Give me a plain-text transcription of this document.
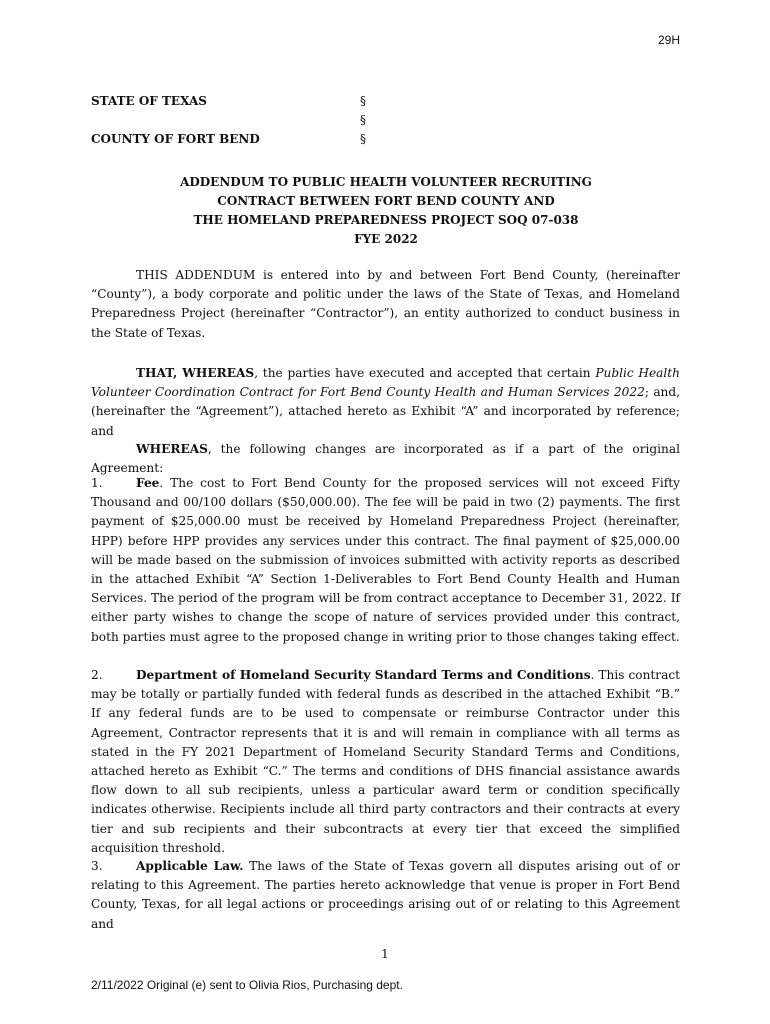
29H
STATE OF TEXAS	§
§
COUNTY OF FORT BEND	§
ADDENDUM TO PUBLIC HEALTH VOLUNTEER RECRUITING
CONTRACT BETWEEN FORT BEND COUNTY AND
THE HOMELAND PREPAREDNESS PROJECT SOQ 07-038
FYE 2022

THIS ADDENDUM is entered into by and between Fort Bend County, (hereinafter “County”), a body corporate and politic under the laws of the State of Texas, and Homeland Preparedness Project (hereinafter “Contractor”), an entity authorized to conduct business in the State of Texas.

THAT, WHEREAS, the parties have executed and accepted that certain Public Health Volunteer Coordination Contract for Fort Bend County Health and Human Services 2022; and, (hereinafter the “Agreement”), attached hereto as Exhibit “A” and incorporated by reference; and

WHEREAS, the following changes are incorporated as if a part of the original Agreement:

1.	Fee. The cost to Fort Bend County for the proposed services will not exceed Fifty Thousand and 00/100 dollars ($50,000.00). The fee will be paid in two (2) payments. The first payment of $25,000.00 must be received by Homeland Preparedness Project (hereinafter, HPP) before HPP provides any services under this contract. The final payment of $25,000.00 will be made based on the submission of invoices submitted with activity reports as described in the attached Exhibit “A” Section 1-Deliverables to Fort Bend County Health and Human Services. The period of the program will be from contract acceptance to December 31, 2022. If either party wishes to change the scope of nature of services provided under this contract, both parties must agree to the proposed change in writing prior to those changes taking effect.

2.	Department of Homeland Security Standard Terms and Conditions. This contract may be totally or partially funded with federal funds as described in the attached Exhibit “B.” If any federal funds are to be used to compensate or reimburse Contractor under this Agreement, Contractor represents that it is and will remain in compliance with all terms as stated in the FY 2021 Department of Homeland Security Standard Terms and Conditions, attached hereto as Exhibit “C.” The terms and conditions of DHS financial assistance awards flow down to all sub recipients, unless a particular award term or condition specifically indicates otherwise. Recipients include all third party contractors and their contracts at every tier and sub recipients and their subcontracts at every tier that exceed the simplified acquisition threshold.

3.	Applicable Law. The laws of the State of Texas govern all disputes arising out of or relating to this Agreement. The parties hereto acknowledge that venue is proper in Fort Bend County, Texas, for all legal actions or proceedings arising out of or relating to this Agreement and

1
2/11/2022 Original (e) sent to Olivia Rios, Purchasing dept.
